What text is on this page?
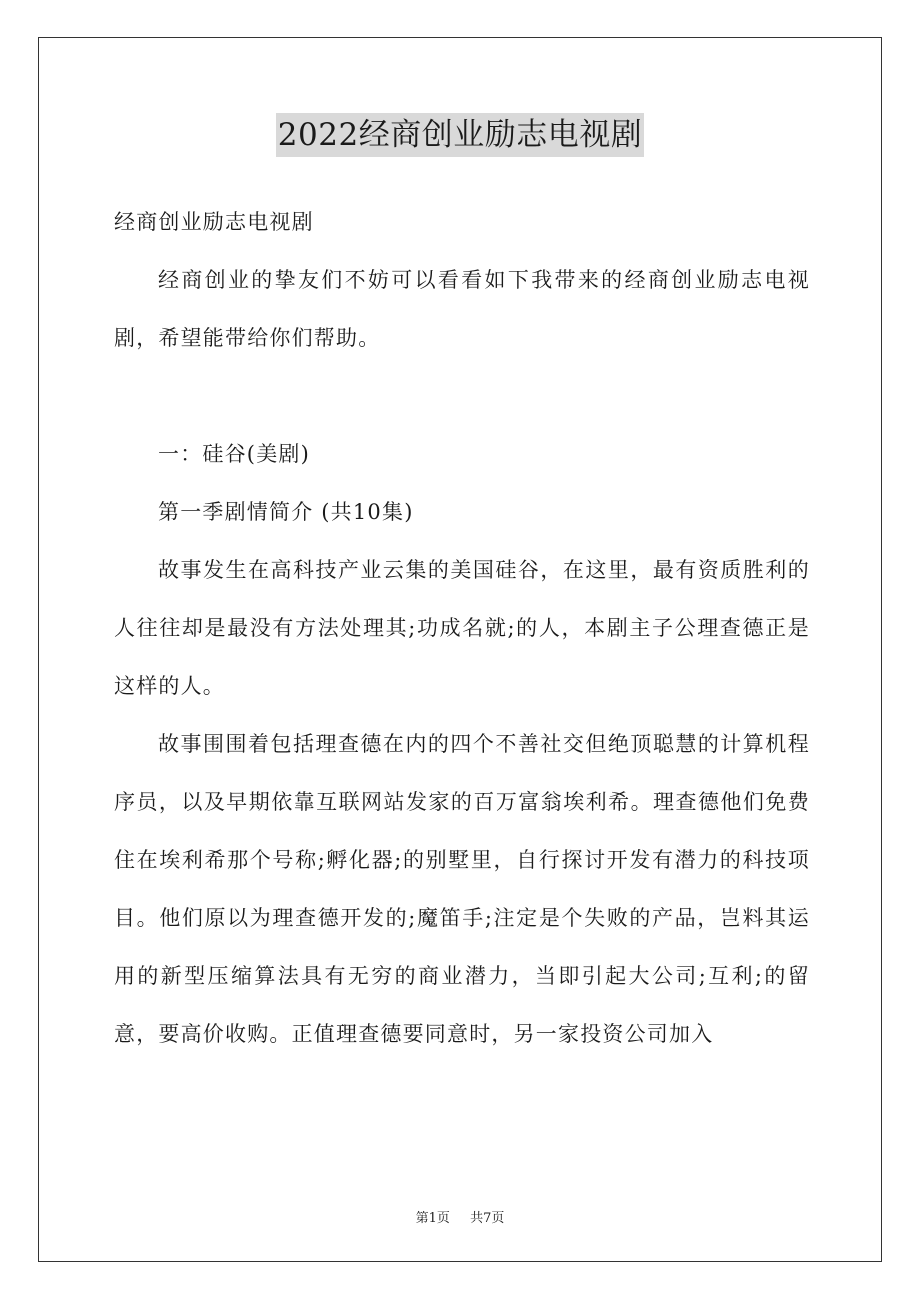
2022经商创业励志电视剧

经商创业励志电视剧

经商创业的挚友们不妨可以看看如下我带来的经商创业励志电视剧，希望能带给你们帮助。

一：硅谷(美剧)

第一季剧情简介 (共10集)

故事发生在高科技产业云集的美国硅谷，在这里，最有资质胜利的人往往却是最没有方法处理其;功成名就;的人，本剧主子公理查德正是这样的人。

故事围围着包括理查德在内的四个不善社交但绝顶聪慧的计算机程序员，以及早期依靠互联网站发家的百万富翁埃利希。理查德他们免费住在埃利希那个号称;孵化器;的别墅里，自行探讨开发有潜力的科技项目。他们原以为理查德开发的;魔笛手;注定是个失败的产品，岂料其运用的新型压缩算法具有无穷的商业潜力，当即引起大公司;互利;的留意，要高价收购。正值理查德要同意时，另一家投资公司加入

第1页 共7页
